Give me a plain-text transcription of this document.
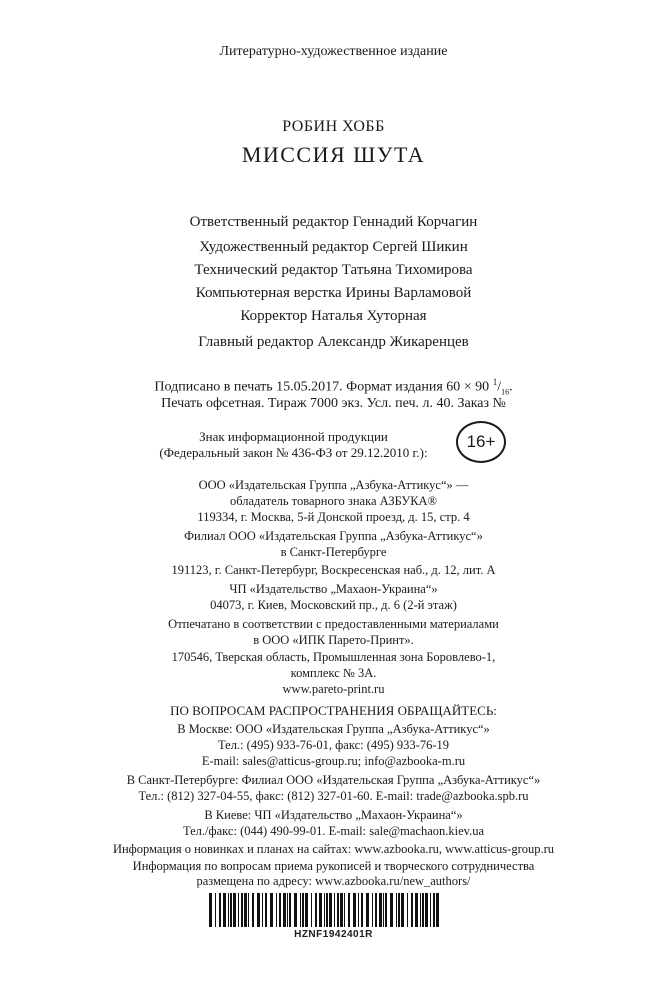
Литературно-художественное издание
РОБИН ХОББ
МИССИЯ ШУТА
Ответственный редактор Геннадий Корчагин
Художественный редактор Сергей Шикин
Технический редактор Татьяна Тихомирова
Компьютерная верстка Ирины Варламовой
Корректор Наталья Хуторная
Главный редактор Александр Жикаренцев
Подписано в печать 15.05.2017. Формат издания 60 × 90 $^1/_{16}$.
Печать офсетная. Тираж 7000 экз. Усл. печ. л. 40. Заказ №
Знак информационной продукции
(Федеральный закон № 436-ФЗ от 29.12.2010 г.):
16+
ООО «Издательская Группа „Азбука-Аттикус“» —
обладатель товарного знака АЗБУКА®
119334, г. Москва, 5-й Донской проезд, д. 15, стр. 4
Филиал ООО «Издательская Группа „Азбука-Аттикус“»
в Санкт-Петербурге
191123, г. Санкт-Петербург, Воскресенская наб., д. 12, лит. А
ЧП «Издательство „Махаон-Украина“»
04073, г. Киев, Московский пр., д. 6 (2-й этаж)
Отпечатано в соответствии с предоставленными материалами
в ООО «ИПК Парето-Принт».
170546, Тверская область, Промышленная зона Боровлево-1,
комплекс № 3А.
www.pareto-print.ru
ПО ВОПРОСАМ РАСПРОСТРАНЕНИЯ ОБРАЩАЙТЕСЬ:
В Москве: ООО «Издательская Группа „Азбука-Аттикус“»
Тел.: (495) 933-76-01, факс: (495) 933-76-19
E-mail: sales@atticus-group.ru; info@azbooka-m.ru
В Санкт-Петербурге: Филиал ООО «Издательская Группа „Азбука-Аттикус“»
Тел.: (812) 327-04-55, факс: (812) 327-01-60. E-mail: trade@azbooka.spb.ru
В Киеве: ЧП «Издательство „Махаон-Украина“»
Тел./факс: (044) 490-99-01. E-mail: sale@machaon.kiev.ua
Информация о новинках и планах на сайтах: www.azbooka.ru, www.atticus-group.ru
Информация по вопросам приема рукописей и творческого сотрудничества
размещена по адресу: www.azbooka.ru/new_authors/
HZNF1942401R
